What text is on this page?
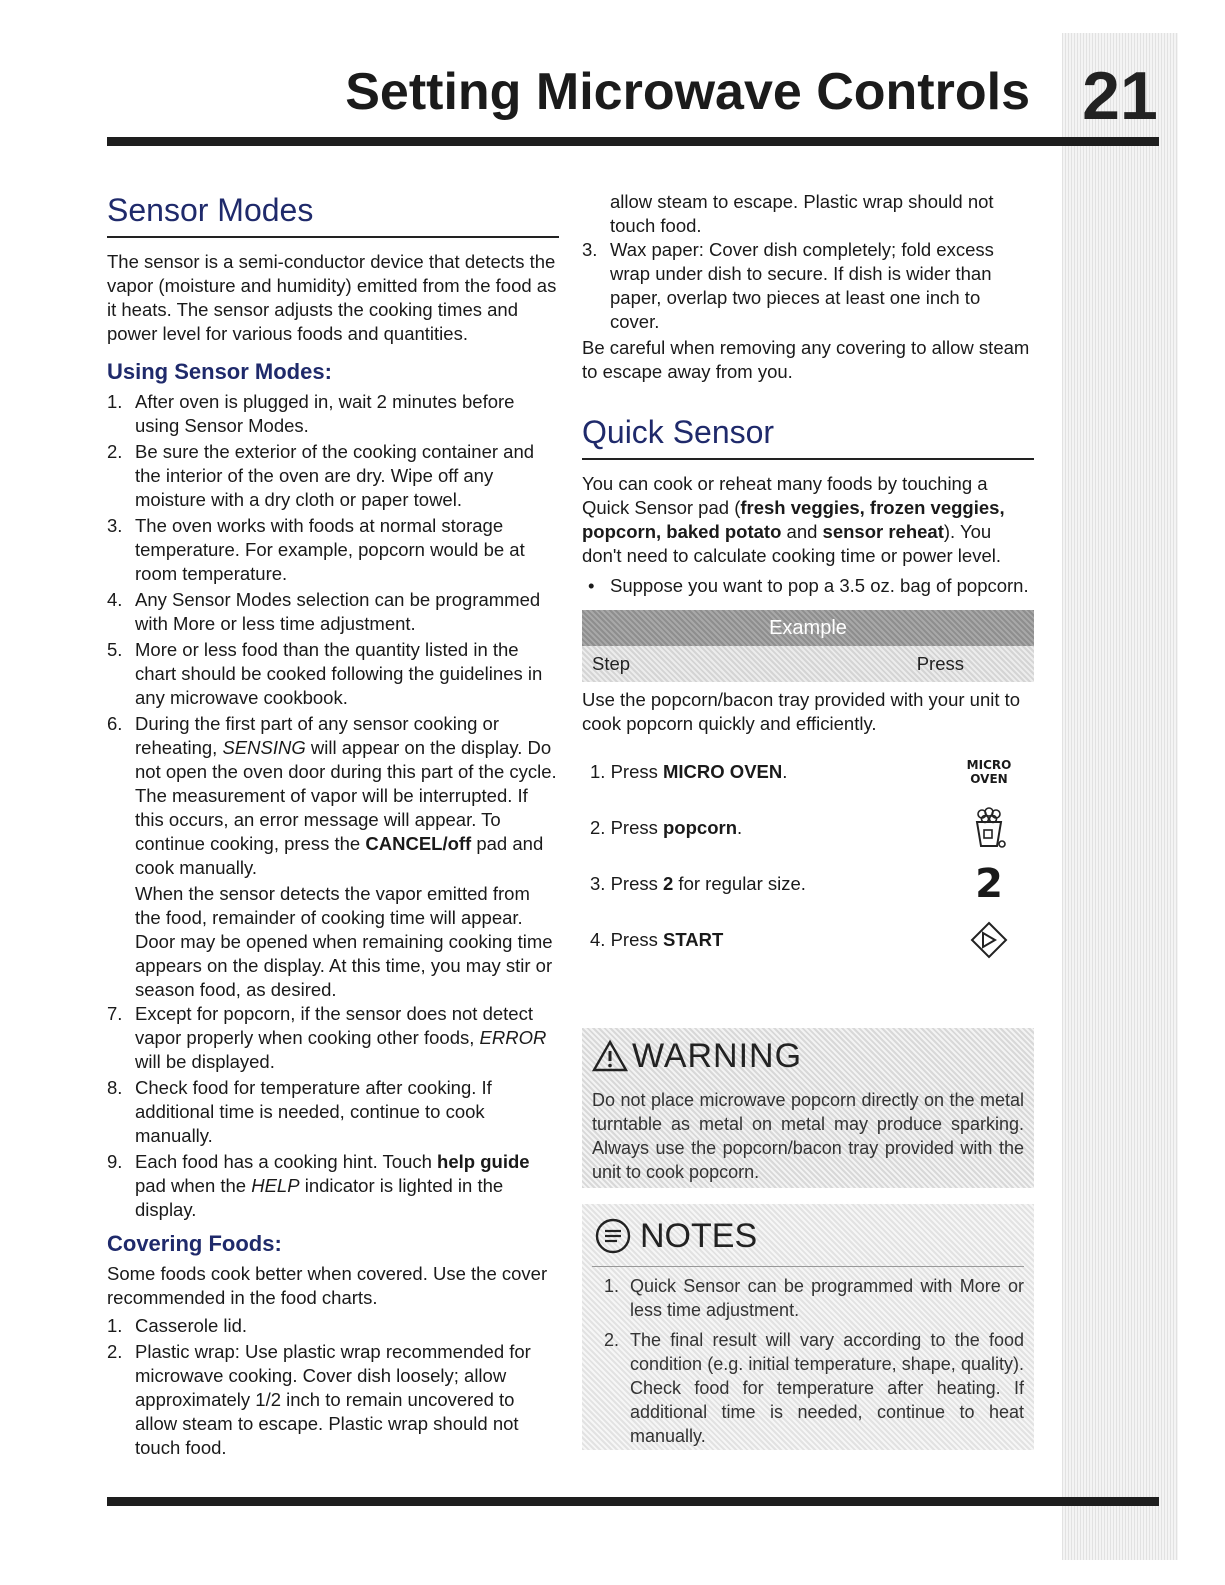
21
Setting Microwave Controls
Sensor Modes

The sensor is a semi-conductor device that detects the vapor (moisture and humidity) emitted from the food as it heats. The sensor adjusts the cooking times and power level for various foods and quantities.

Using Sensor Modes:
1. After oven is plugged in, wait 2 minutes before using Sensor Modes.
2. Be sure the exterior of the cooking container and the interior of the oven are dry. Wipe off any moisture with a dry cloth or paper towel.
3. The oven works with foods at normal storage temperature. For example, popcorn would be at room temperature.
4. Any Sensor Modes selection can be programmed with More or less time adjustment.
5. More or less food than the quantity listed in the chart should be cooked following the guidelines in any microwave cookbook.
6. During the first part of any sensor cooking or reheating, SENSING will appear on the display. Do not open the oven door during this part of the cycle. The measurement of vapor will be interrupted. If this occurs, an error message will appear. To continue cooking, press the CANCEL/off pad and cook manually.
When the sensor detects the vapor emitted from the food, remainder of cooking time will appear. Door may be opened when remaining cooking time appears on the display. At this time, you may stir or season food, as desired.
7. Except for popcorn, if the sensor does not detect vapor properly when cooking other foods, ERROR will be displayed.
8. Check food for temperature after cooking. If additional time is needed, continue to cook manually.
9. Each food has a cooking hint. Touch help guide pad when the HELP indicator is lighted in the display.
Covering Foods:

Some foods cook better when covered. Use the cover recommended in the food charts.

1. Casserole lid.
2. Plastic wrap: Use plastic wrap recommended for microwave cooking. Cover dish loosely; allow approximately 1/2 inch to remain uncovered to allow steam to escape. Plastic wrap should not touch food.
allow steam to escape. Plastic wrap should not touch food.
3. Wax paper: Cover dish completely; fold excess wrap under dish to secure. If dish is wider than paper, overlap two pieces at least one inch to cover.

Be careful when removing any covering to allow steam to escape away from you.

Quick Sensor

You can cook or reheat many foods by touching a Quick Sensor pad (fresh veggies, frozen veggies, popcorn, baked potato and sensor reheat). You don't need to calculate cooking time or power level.

• Suppose you want to pop a 3.5 oz. bag of popcorn.
Example
Step	Press

Use the popcorn/bacon tray provided with your unit to cook popcorn quickly and efficiently.

1. Press MICRO OVEN.	MICRO
OVEN
2. Press popcorn.
3. Press 2 for regular size.	2
4. Press START
WARNING
Do not place microwave popcorn directly on the metal turntable as metal on metal may produce sparking. Always use the popcorn/bacon tray provided with the unit to cook popcorn.
NOTES
1. Quick Sensor can be programmed with More or less time adjustment.
2. The final result will vary according to the food condition (e.g. initial temperature, shape, quality). Check food for temperature after heating. If additional time is needed, continue to heat manually.
